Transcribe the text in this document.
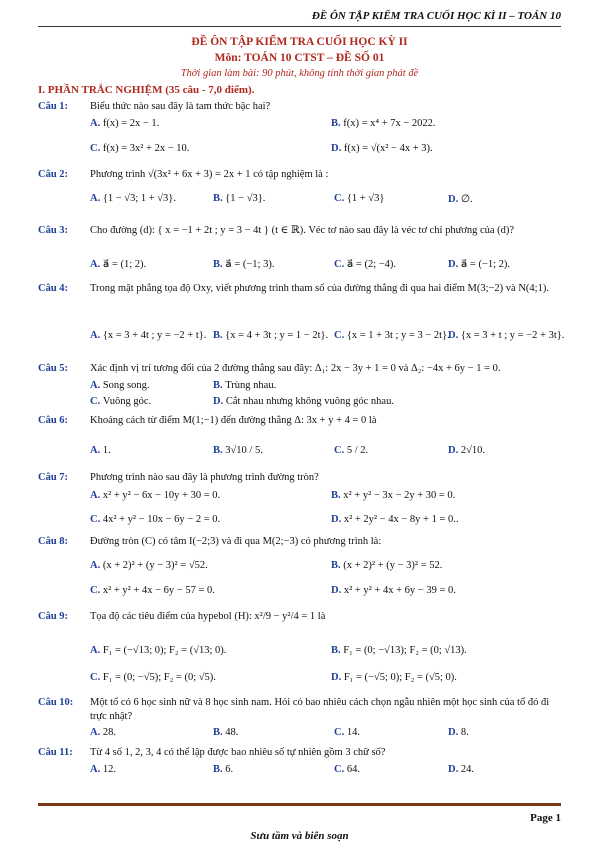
ĐỀ ÔN TẬP KIỂM TRA CUỐI HỌC KÌ II – TOÁN 10
ĐỀ ÔN TẬP KIỂM TRA CUỐI HỌC KỲ II
Môn: TOÁN 10 CTST – ĐỀ SỐ 01
Thời gian làm bài: 90 phút, không tính thời gian phát đề
I. PHẦN TRẮC NGHIỆM (35 câu - 7,0 điểm).
Câu 1: Biểu thức nào sau đây là tam thức bậc hai?
A. f(x) = 2x − 1.	B. f(x) = x⁴ + 7x − 2022.
C. f(x) = 3x² + 2x − 10.	D. f(x) = √(x² − 4x + 3).
Câu 2: Phương trình √(3x² + 6x + 3) = 2x + 1 có tập nghiệm là :
A. {1 − √3; 1 + √3}.	B. {1 − √3}.	C. {1 + √3}	D. ∅.
Câu 3: Cho đường (d): { x = −1 + 2t ; y = 3 − 4t } (t ∈ ℝ). Véc tơ nào sau đây là véc tơ chỉ phương của (d)?
A. a⃗ = (1; 2).	B. a⃗ = (−1; 3).	C. a⃗ = (2; −4).	D. a⃗ = (−1; 2).
Câu 4: Trong mặt phẳng tọa độ Oxy, viết phương trình tham số của đường thẳng đi qua hai điểm M(3;−2) và N(4;1).
A. {x = 3 + 4t ; y = −2 + t}. B. {x = 4 + 3t ; y = 1 − 2t}. C. {x = 1 + 3t ; y = 3 − 2t}.
D. {x = 3 + t ; y = −2 + 3t}.
Câu 5: Xác định vị trí tương đối của 2 đường thẳng sau đây: Δ₁: 2x − 3y + 1 = 0 và Δ₂: −4x + 6y − 1 = 0.
A. Song song.	B. Trùng nhau.
C. Vuông góc.	D. Cắt nhau nhưng không vuông góc nhau.
Câu 6: Khoảng cách từ điểm M(1;−1) đến đường thẳng Δ: 3x + y + 4 = 0 là
A. 1.	B. 3√10 / 5.	C. 5 / 2.	D. 2√10.
Câu 7: Phương trình nào sau đây là phương trình đường tròn?
A. x² + y² − 6x − 10y + 30 = 0.	B. x² + y² − 3x − 2y + 30 = 0.
C. 4x² + y² − 10x − 6y − 2 = 0.	D. x² + 2y² − 4x − 8y + 1 = 0..
Câu 8: Đường tròn (C) có tâm I(−2;3) và đi qua M(2;−3) có phương trình là:
A. (x + 2)² + (y − 3)² = √52.	B. (x + 2)² + (y − 3)² = 52.
C. x² + y² + 4x − 6y − 57 = 0.	D. x² + y² + 4x + 6y − 39 = 0.
Câu 9: Tọa độ các tiêu điểm của hypebol (H): x²/9 − y²/4 = 1 là
A. F₁ = (−√13; 0); F₂ = (√13; 0).	B. F₁ = (0; −√13); F₂ = (0; √13).
C. F₁ = (0; −√5); F₂ = (0; √5).	D. F₁ = (−√5; 0); F₂ = (√5; 0).
Câu 10: Một tổ có 6 học sinh nữ và 8 học sinh nam. Hỏi có bao nhiêu cách chọn ngẫu nhiên một học sinh của tổ đó đi trực nhật?
A. 28.	B. 48.	C. 14.	D. 8.
Câu 11: Từ 4 số 1, 2, 3, 4 có thể lập được bao nhiêu số tự nhiên gồm 3 chữ số?
A. 12.	B. 6.	C. 64.	D. 24.
Page 1
Sưu tầm và biên soạn
